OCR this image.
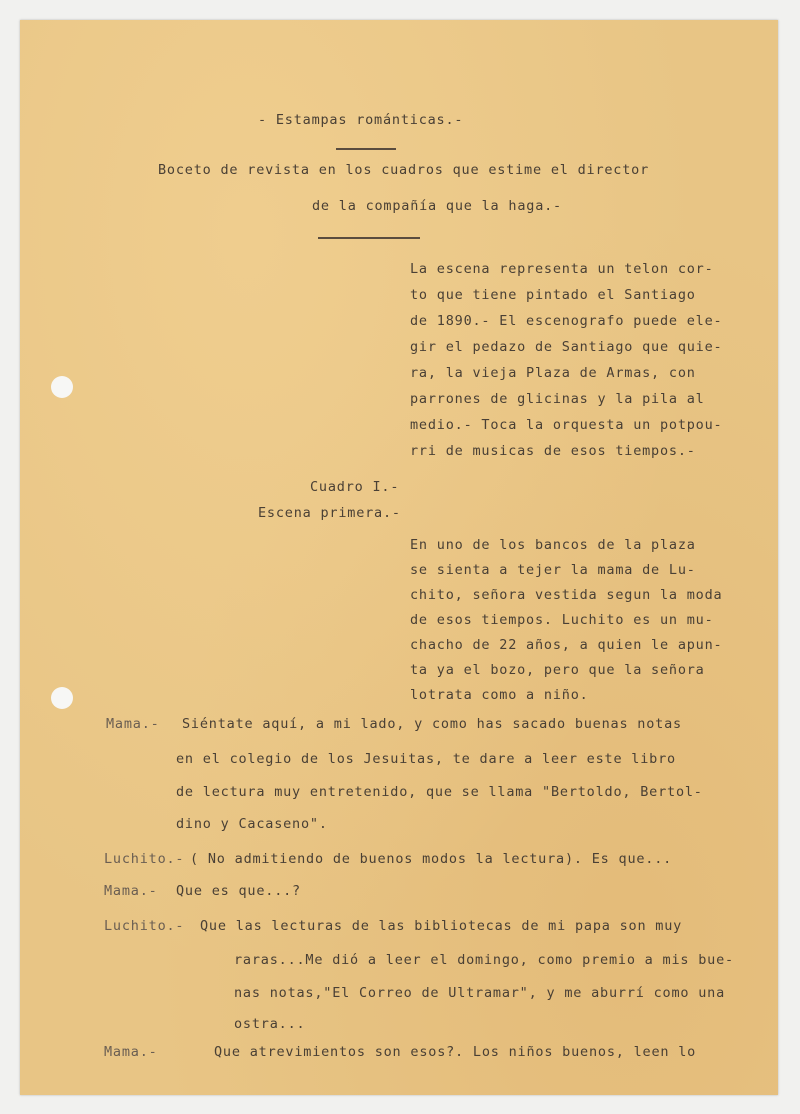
- Estampas románticas.-
Boceto de revista en los cuadros que estime el director
de la compañía que la haga.-
La escena representa un telon cor-
to que tiene pintado el Santiago
de 1890.- El escenografo puede ele-
gir el pedazo de Santiago que quie-
ra, la vieja Plaza de Armas, con
parrones de glicinas y la pila al
medio.- Toca la orquesta un potpou-
rri de musicas de esos tiempos.-
Cuadro I.-
Escena primera.-
En uno de los bancos de la plaza
se sienta a tejer la mama de Lu-
chito, señora vestida segun la moda
de esos tiempos. Luchito es un mu-
chacho de 22 años, a quien le apun-
ta ya el bozo, pero que la señora
lotrata como a niño.
Mama.- Siéntate aquí, a mi lado, y como has sacado buenas notas
en el colegio de los Jesuitas, te dare a leer este libro
de lectura muy entretenido, que se llama "Bertoldo, Bertol-
dino y Cacaseno".
Luchito.- ( No admitiendo de buenos modos la lectura). Es que...
Mama.- Que es que...?
Luchito.- Que las lecturas de las bibliotecas de mi papa son muy
raras...Me dió a leer el domingo, como premio a mis bue-
nas notas,"El Correo de Ultramar", y me aburrí como una
ostra...
Mama.-	Que atrevimientos son esos?. Los niños buenos, leen lo
